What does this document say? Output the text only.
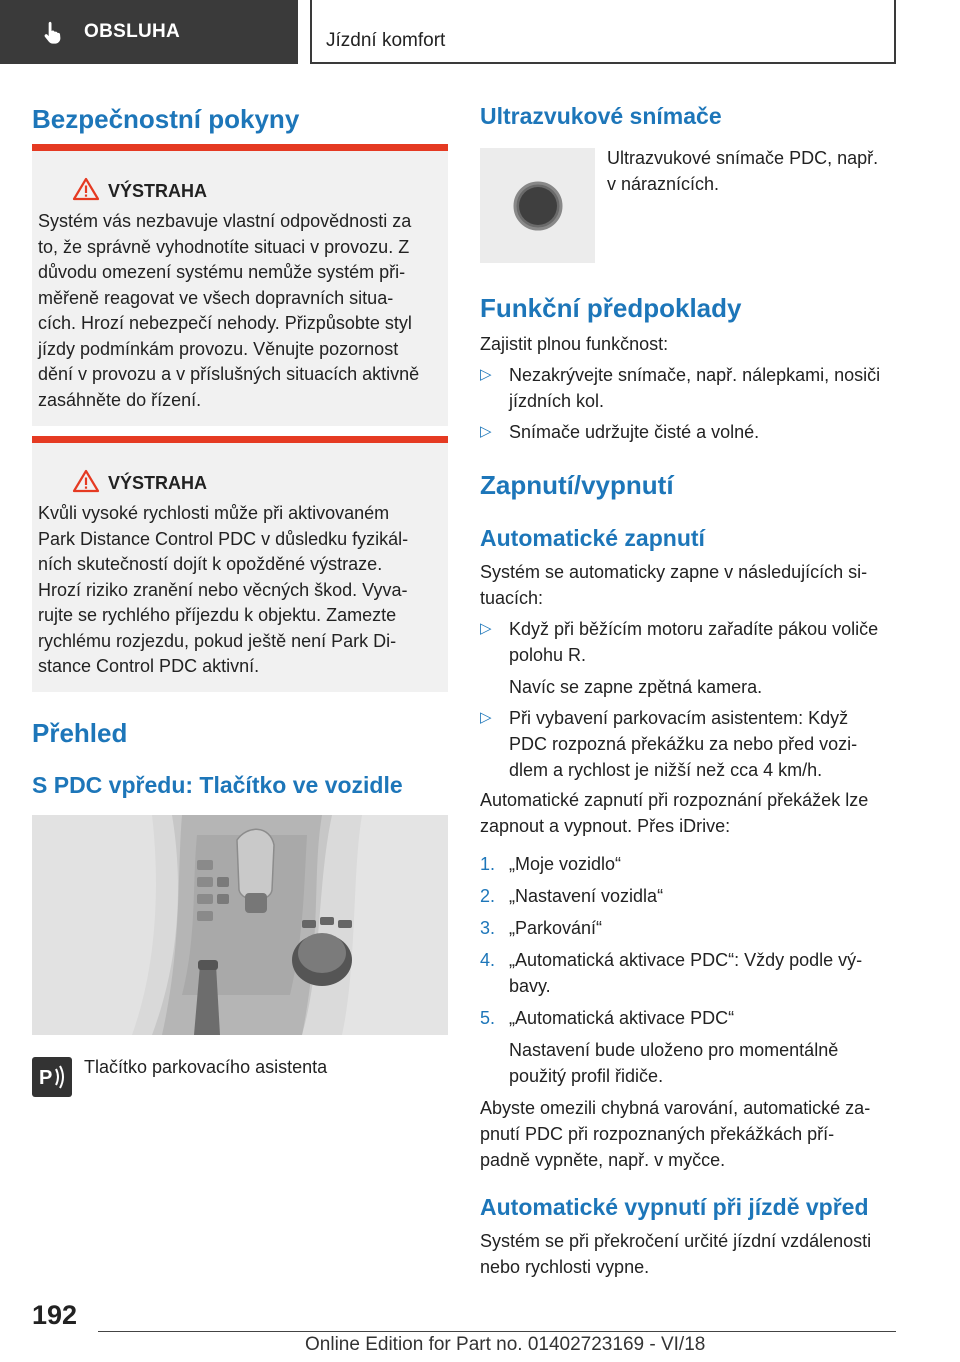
OBSLUHA	Jízdní komfort
Bezpečnostní pokyny
VÝSTRAHA
Systém vás nezbavuje vlastní odpovědnosti za
to, že správně vyhodnotíte situaci v provozu. Z
důvodu omezení systému nemůže systém při-
měřeně reagovat ve všech dopravních situa-
cích. Hrozí nebezpečí nehody. Přizpůsobte styl
jízdy podmínkám provozu. Věnujte pozornost
dění v provozu a v příslušných situacích aktivně
zasáhněte do řízení.
VÝSTRAHA
Kvůli vysoké rychlosti může při aktivovaném
Park Distance Control PDC v důsledku fyzikál-
ních skutečností dojít k opožděné výstraze.
Hrozí riziko zranění nebo věcných škod. Vyva-
rujte se rychlého příjezdu k objektu. Zamezte
rychlému rozjezdu, pokud ještě není Park Di-
stance Control PDC aktivní.
Přehled
S PDC vpředu: Tlačítko ve vozidle
P Tlačítko parkovacího asistenta
Ultrazvukové snímače
Ultrazvukové snímače PDC, např.
v náraznících.
Funkční předpoklady
Zajistit plnou funkčnost:
▷ Nezakrývejte snímače, např. nálepkami, nosiči
jízdních kol.
▷ Snímače udržujte čisté a volné.
Zapnutí/vypnutí
Automatické zapnutí
Systém se automaticky zapne v následujících si-
tuacích:
▷ Když při běžícím motoru zařadíte pákou voliče
polohu R.
Navíc se zapne zpětná kamera.
▷ Při vybavení parkovacím asistentem: Když
PDC rozpozná překážku za nebo před vozi-
dlem a rychlost je nižší než cca 4 km/h.
Automatické zapnutí při rozpoznání překážek lze
zapnout a vypnout. Přes iDrive:
1. „Moje vozidlo“
2. „Nastavení vozidla“
3. „Parkování“
4. „Automatická aktivace PDC“: Vždy podle vý-
bavy.
5. „Automatická aktivace PDC“
Nastavení bude uloženo pro momentálně
použitý profil řidiče.
Abyste omezili chybná varování, automatické za-
pnutí PDC při rozpoznaných překážkách pří-
padně vypněte, např. v myčce.
Automatické vypnutí při jízdě vpřed
Systém se při překročení určité jízdní vzdálenosti
nebo rychlosti vypne.
192
Online Edition for Part no. 01402723169 - VI/18
